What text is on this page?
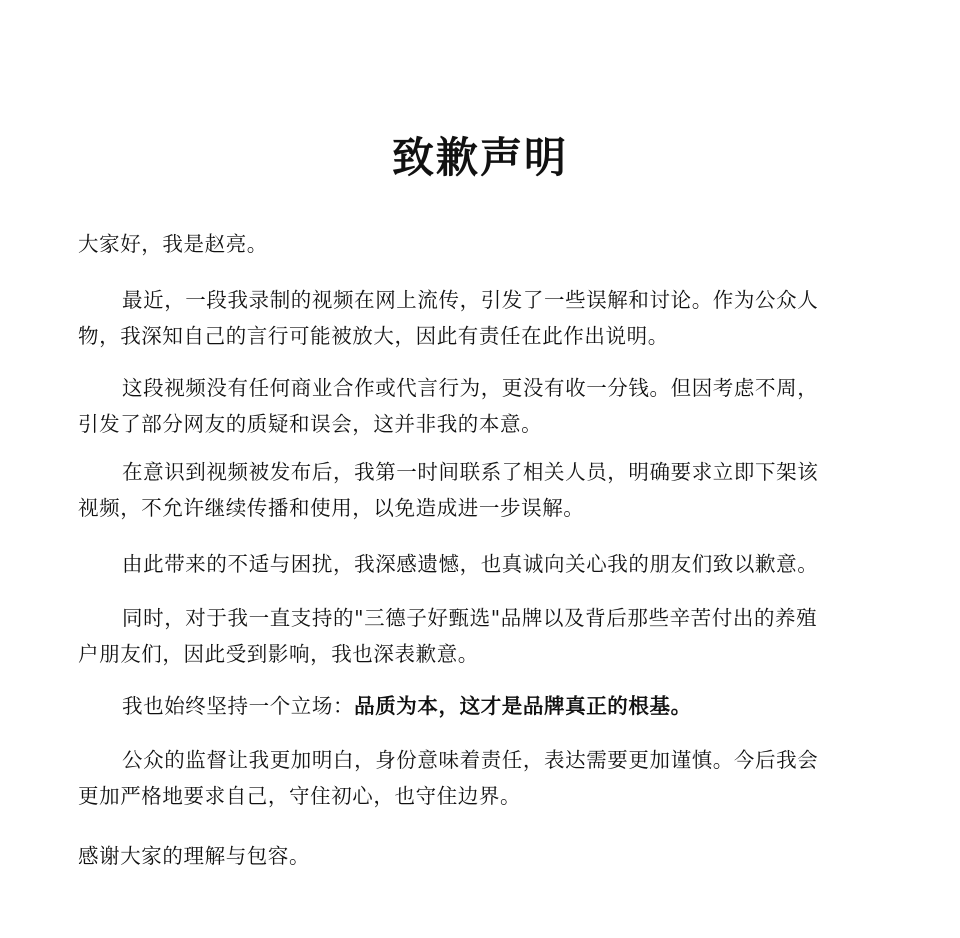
致歉声明

大家好，我是赵亮。

最近，一段我录制的视频在网上流传，引发了一些误解和讨论。作为公众人
物，我深知自己的言行可能被放大，因此有责任在此作出说明。

这段视频没有任何商业合作或代言行为，更没有收一分钱。但因考虑不周，
引发了部分网友的质疑和误会，这并非我的本意。

在意识到视频被发布后，我第一时间联系了相关人员，明确要求立即下架该
视频，不允许继续传播和使用，以免造成进一步误解。

由此带来的不适与困扰，我深感遗憾，也真诚向关心我的朋友们致以歉意。

同时，对于我一直支持的"三德子好甄选"品牌以及背后那些辛苦付出的养殖
户朋友们，因此受到影响，我也深表歉意。

我也始终坚持一个立场：品质为本，这才是品牌真正的根基。

公众的监督让我更加明白，身份意味着责任，表达需要更加谨慎。今后我会
更加严格地要求自己，守住初心，也守住边界。

感谢大家的理解与包容。
